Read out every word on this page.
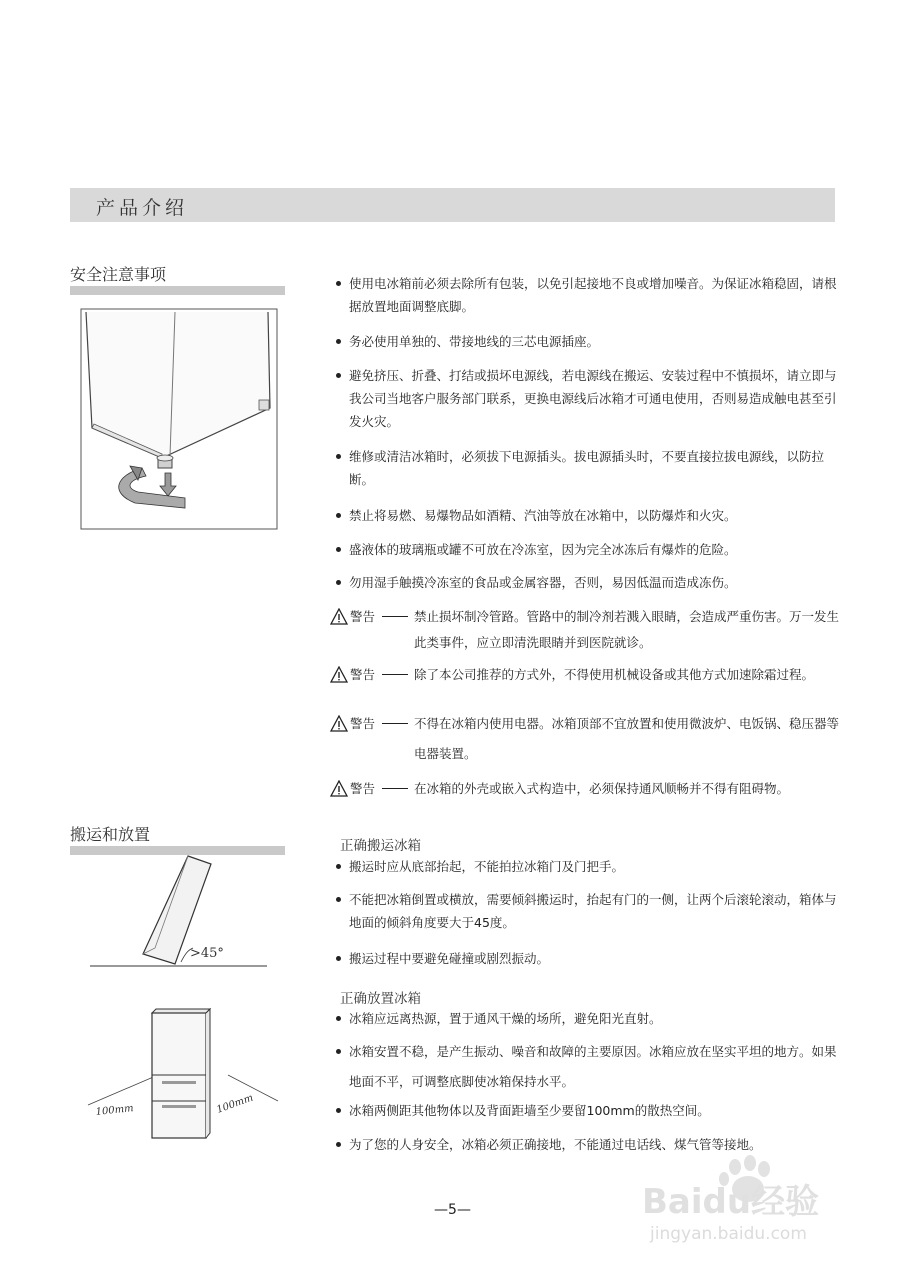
产品介绍
安全注意事项	使用电冰箱前必须去除所有包装，以免引起接地不良或增加噪音。为保证冰箱稳固，请根据放置地面调整底脚。
务必使用单独的、带接地线的三芯电源插座。
避免挤压、折叠、打结或损坏电源线，若电源线在搬运、安装过程中不慎损坏，请立即与我公司当地客户服务部门联系，更换电源线后冰箱才可通电使用，否则易造成触电甚至引发火灾。
维修或清洁冰箱时，必须拔下电源插头。拔电源插头时，不要直接拉拔电源线，以防拉断。
禁止将易燃、易爆物品如酒精、汽油等放在冰箱中，以防爆炸和火灾。
盛液体的玻璃瓶或罐不可放在冷冻室，因为完全冰冻后有爆炸的危险。
勿用湿手触摸冷冻室的食品或金属容器，否则，易因低温而造成冻伤。
警告	禁止损坏制冷管路。管路中的制冷剂若溅入眼睛，会造成严重伤害。万一发生此类事件，应立即清洗眼睛并到医院就诊。
警告	除了本公司推荐的方式外，不得使用机械设备或其他方式加速除霜过程。
警告	不得在冰箱内使用电器。冰箱顶部不宜放置和使用微波炉、电饭锅、稳压器等电器装置。
警告	在冰箱的外壳或嵌入式构造中，必须保持通风顺畅并不得有阻碍物。
搬运和放置
>45°
100mm	100mm
正确搬运冰箱
搬运时应从底部抬起，不能拍拉冰箱门及门把手。
不能把冰箱倒置或横放，需要倾斜搬运时，抬起有门的一侧，让两个后滚轮滚动，箱体与地面的倾斜角度要大于45度。
搬运过程中要避免碰撞或剧烈振动。
正确放置冰箱
冰箱应远离热源，置于通风干燥的场所，避免阳光直射。
冰箱安置不稳，是产生振动、噪音和故障的主要原因。冰箱应放在坚实平坦的地方。如果地面不平，可调整底脚使冰箱保持水平。
冰箱两侧距其他物体以及背面距墙至少要留100mm的散热空间。
为了您的人身安全，冰箱必须正确接地，不能通过电话线、煤气管等接地。
—5—	Baidu经验
jingyan.baidu.com
